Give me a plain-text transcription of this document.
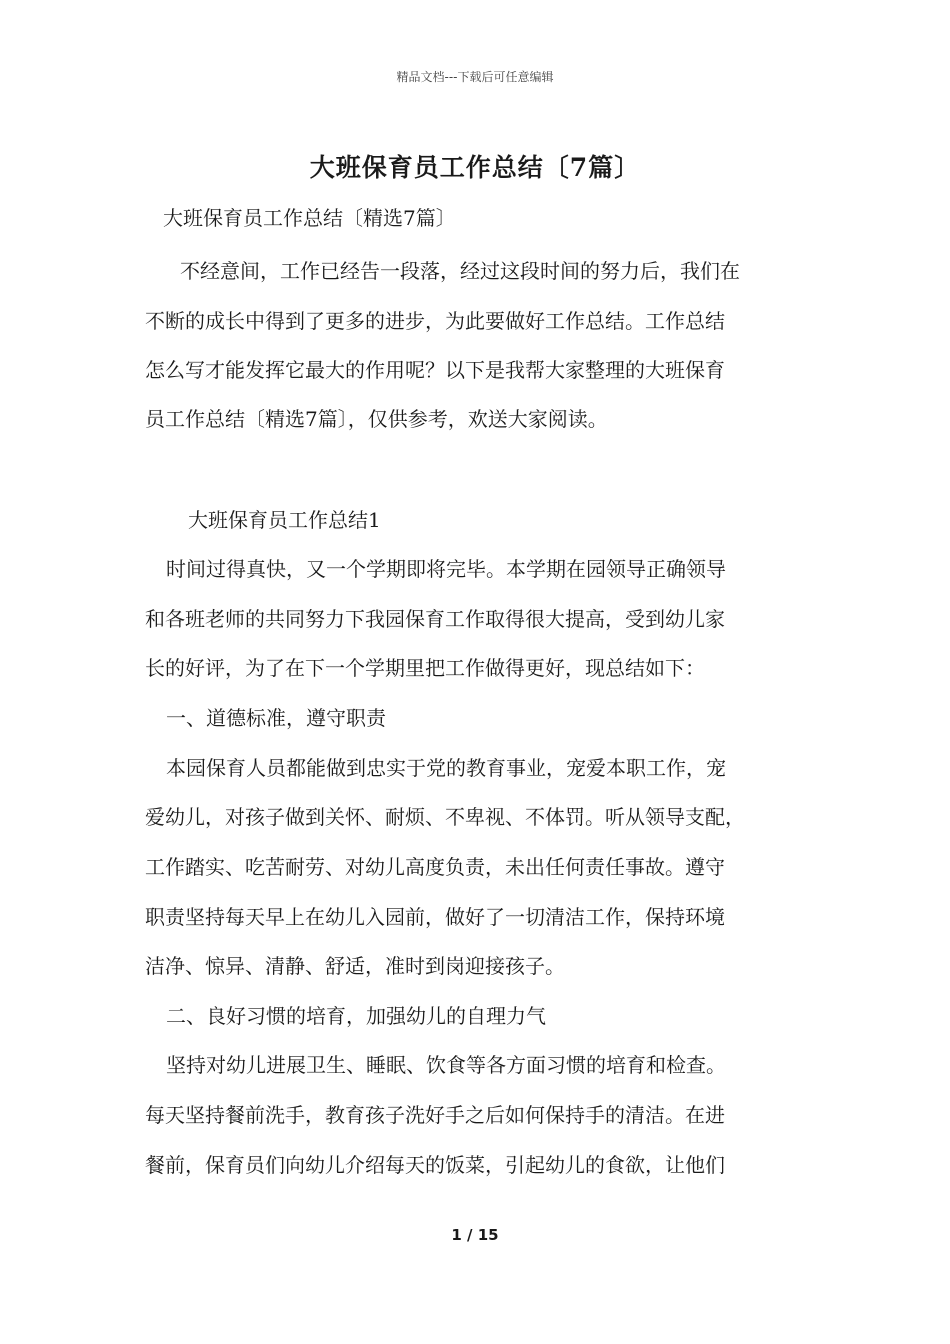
精品文档---下载后可任意编辑
大班保育员工作总结〔7篇〕
大班保育员工作总结〔精选7篇〕
不经意间，工作已经告一段落，经过这段时间的努力后，我们在
不断的成长中得到了更多的进步，为此要做好工作总结。工作总结
怎么写才能发挥它最大的作用呢？以下是我帮大家整理的大班保育
员工作总结〔精选7篇〕，仅供参考，欢送大家阅读。
大班保育员工作总结1
时间过得真快，又一个学期即将完毕。本学期在园领导正确领导
和各班老师的共同努力下我园保育工作取得很大提高，受到幼儿家
长的好评，为了在下一个学期里把工作做得更好，现总结如下：
一、道德标准，遵守职责
本园保育人员都能做到忠实于党的教育事业，宠爱本职工作，宠
爱幼儿，对孩子做到关怀、耐烦、不卑视、不体罚。听从领导支配，
工作踏实、吃苦耐劳、对幼儿高度负责，未出任何责任事故。遵守
职责坚持每天早上在幼儿入园前，做好了一切清洁工作，保持环境
洁净、惊异、清静、舒适，准时到岗迎接孩子。
二、良好习惯的培育，加强幼儿的自理力气
坚持对幼儿进展卫生、睡眠、饮食等各方面习惯的培育和检查。
每天坚持餐前洗手，教育孩子洗好手之后如何保持手的清洁。在进
餐前，保育员们向幼儿介绍每天的饭菜，引起幼儿的食欲，让他们
1 / 15
